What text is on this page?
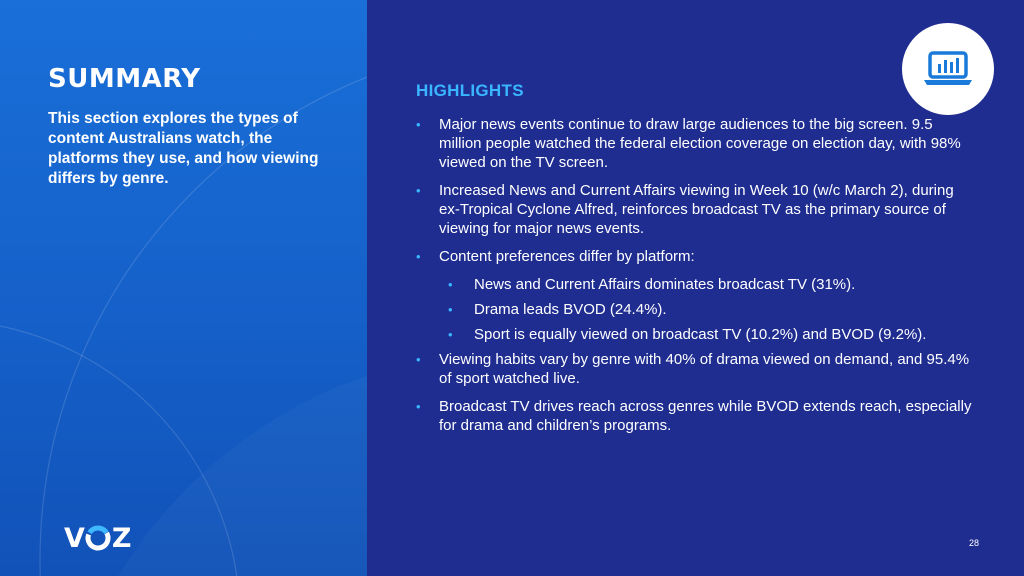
SUMMARY

This section explores the types of content Australians watch, the platforms they use, and how viewing differs by genre.

V Z
HIGHLIGHTS
• Major news events continue to draw large audiences to the big screen. 9.5 million people watched the federal election coverage on election day, with 98% viewed on the TV screen.
• Increased News and Current Affairs viewing in Week 10 (w/c March 2), during ex-Tropical Cyclone Alfred, reinforces broadcast TV as the primary source of viewing for major news events.
• Content preferences differ by platform:
• News and Current Affairs dominates broadcast TV (31%).
• Drama leads BVOD (24.4%).
• Sport is equally viewed on broadcast TV (10.2%) and BVOD (9.2%).
• Viewing habits vary by genre with 40% of drama viewed on demand, and 95.4% of sport watched live.
• Broadcast TV drives reach across genres while BVOD extends reach, especially for drama and children’s programs.
28
